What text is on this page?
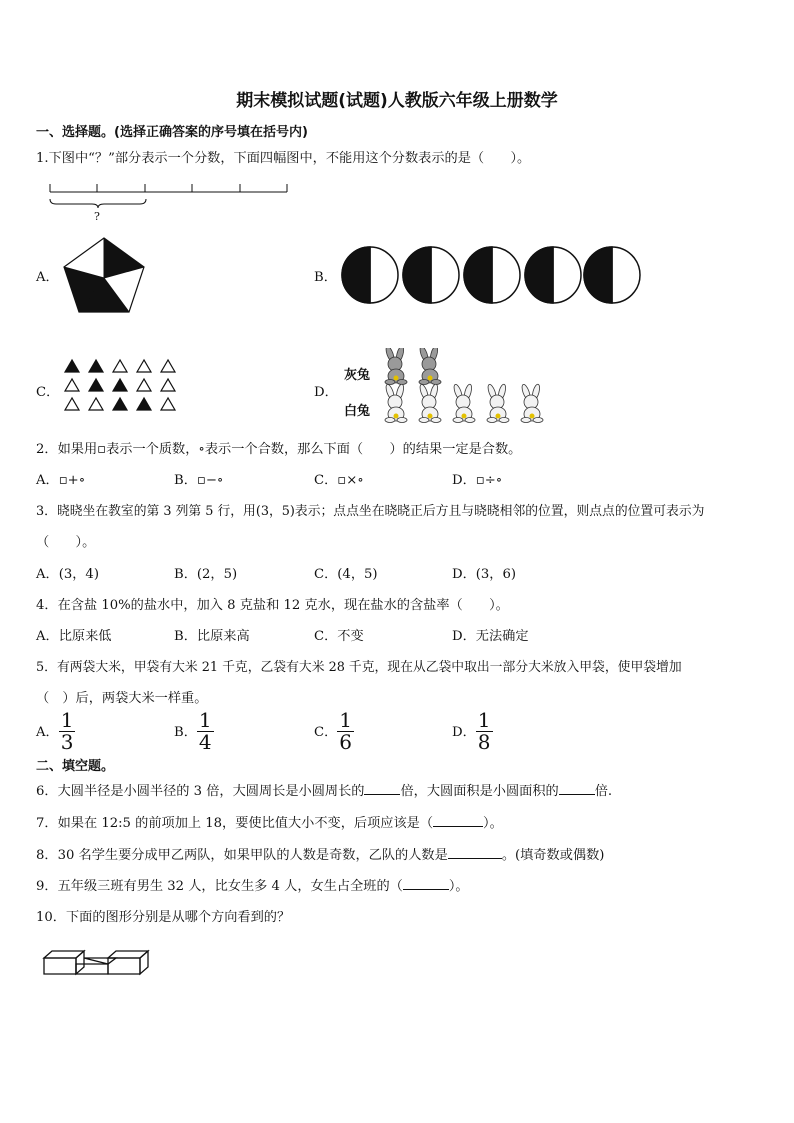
期末模拟试题(试题)人教版六年级上册数学
一、选择题。(选择正确答案的序号填在括号内)
1.下图中“？”部分表示一个分数，下面四幅图中，不能用这个分数表示的是（　　）。
?
A．	B．
C．	D．
灰兔
白兔
2．如果用▫表示一个质数，∘表示一个合数，那么下面（　　）的结果一定是合数。
A．▫+∘	B．▫−∘	C．▫×∘	D．▫÷∘
3．晓晓坐在教室的第 3 列第 5 行，用(3，5)表示；点点坐在晓晓正后方且与晓晓相邻的位置，则点点的位置可表示为
（　　）。
A．(3，4)	B．(2，5)	C．(4，5)	D．(3，6)
4．在含盐 10%的盐水中，加入 8 克盐和 12 克水，现在盐水的含盐率（　　）。
A．比原来低	B．比原来高	C．不变	D．无法确定
5．有两袋大米，甲袋有大米 21 千克，乙袋有大米 28 千克，现在从乙袋中取出一部分大米放入甲袋，使甲袋增加
（　）后，两袋大米一样重。
A． $\frac{1}{3}$	B． $\frac{1}{4}$	C． $\frac{1}{6}$	D． $\frac{1}{8}$
二、填空题。
6．大圆半径是小圆半径的 3 倍，大圆周长是小圆周长的	倍，大圆面积是小圆面积的	倍.
7．如果在 12:5 的前项加上 18，要使比值大小不变，后项应该是（	）。
8．30 名学生要分成甲乙两队，如果甲队的人数是奇数，乙队的人数是	。(填奇数或偶数)
9．五年级三班有男生 32 人，比女生多 4 人，女生占全班的（	）。
10．下面的图形分别是从哪个方向看到的？
